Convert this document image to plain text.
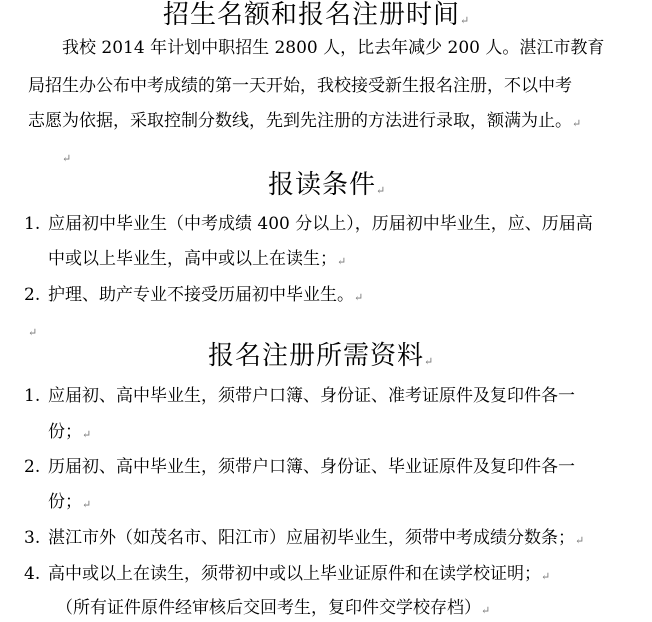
招生名额和报名注册时间↵
我校 2014 年计划中职招生 2800 人，比去年减少 200 人。湛江市教育
局招生办公布中考成绩的第一天开始，我校接受新生报名注册，不以中考
志愿为依据，采取控制分数线，先到先注册的方法进行录取，额满为止。↵
↵
报读条件↵
1. 应届初中毕业生（中考成绩 400 分以上），历届初中毕业生，应、历届高
中或以上毕业生，高中或以上在读生；↵
2. 护理、助产专业不接受历届初中毕业生。↵
↵
报名注册所需资料↵
1. 应届初、高中毕业生，须带户口簿、身份证、准考证原件及复印件各一
份；↵
2. 历届初、高中毕业生，须带户口簿、身份证、毕业证原件及复印件各一
份；↵
3. 湛江市外（如茂名市、阳江市）应届初毕业生，须带中考成绩分数条；↵
4. 高中或以上在读生，须带初中或以上毕业证原件和在读学校证明；↵
（所有证件原件经审核后交回考生，复印件交学校存档）↵
